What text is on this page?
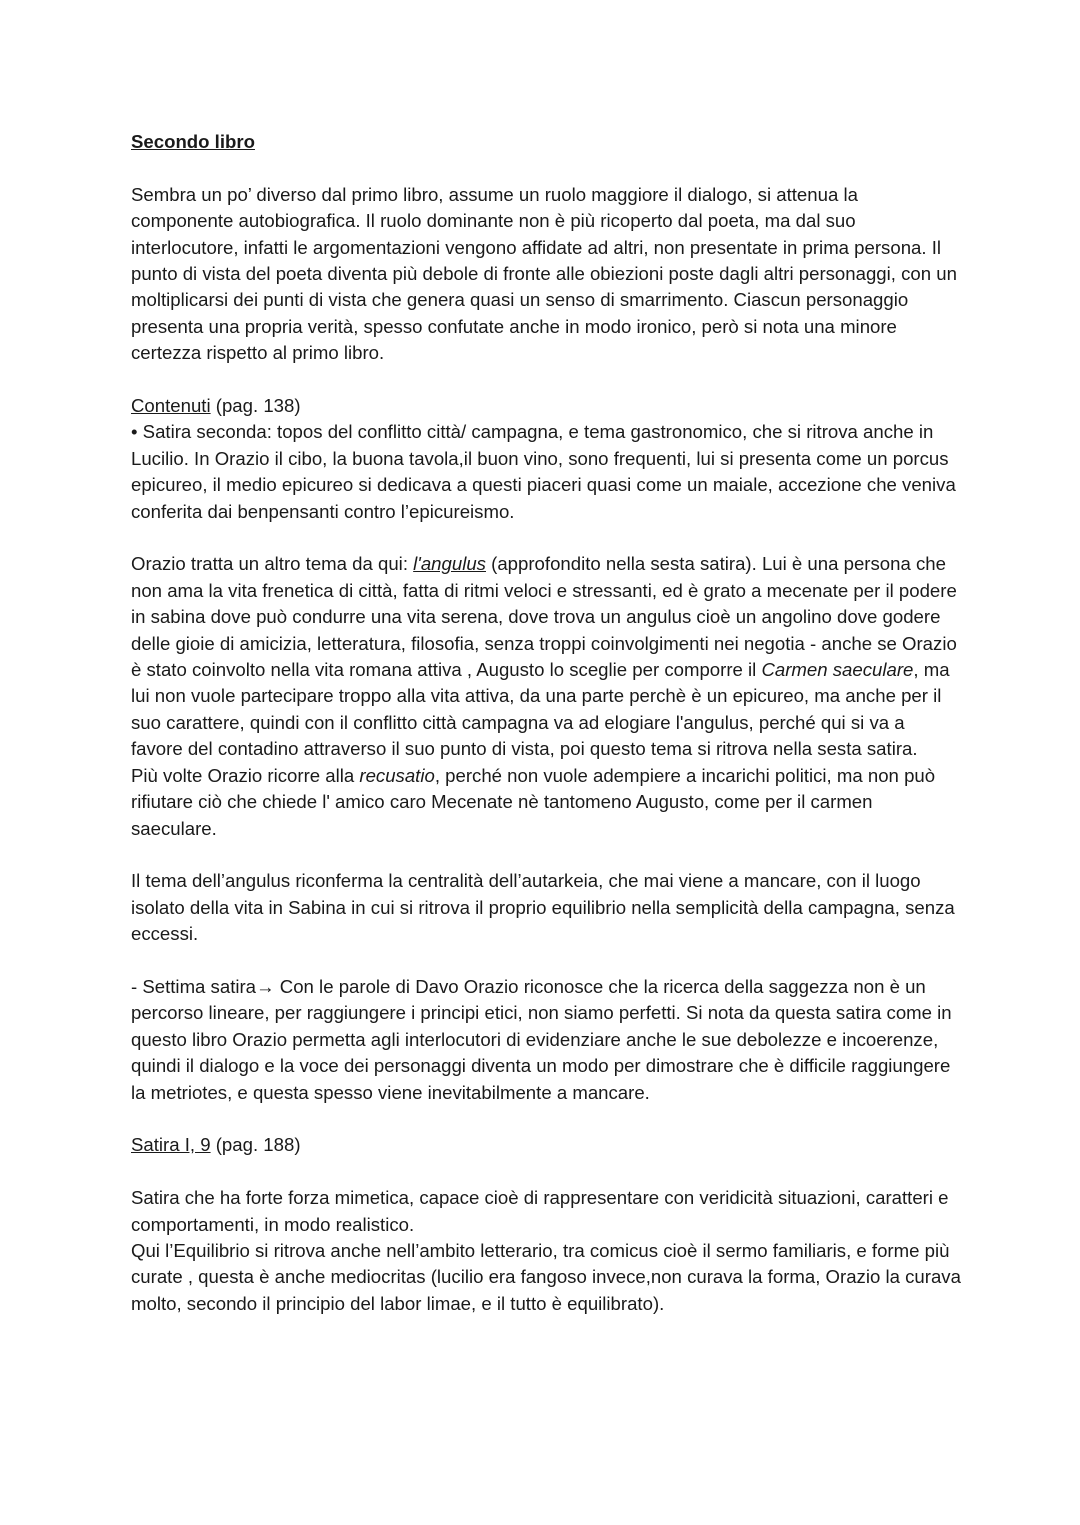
Secondo libro

Sembra un po’ diverso dal primo libro, assume un ruolo maggiore il dialogo, si attenua la componente autobiografica. Il ruolo dominante non è più ricoperto dal poeta, ma dal suo interlocutore, infatti le argomentazioni vengono affidate ad altri, non presentate in prima persona. Il punto di vista del poeta diventa più debole di fronte alle obiezioni poste dagli altri personaggi, con un moltiplicarsi dei punti di vista che genera quasi un senso di smarrimento. Ciascun personaggio presenta una propria verità, spesso confutate anche in modo ironico, però si nota una minore certezza rispetto al primo libro.

Contenuti (pag. 138)

• Satira seconda: topos del conflitto città/ campagna, e tema gastronomico, che si ritrova anche in Lucilio. In Orazio il cibo, la buona tavola,il buon vino, sono frequenti, lui si presenta come un porcus epicureo, il medio epicureo si dedicava a questi piaceri quasi come un maiale, accezione che veniva conferita dai benpensanti contro l’epicureismo.

Orazio tratta un altro tema da qui: l'angulus (approfondito nella sesta satira). Lui è una persona che non ama la vita frenetica di città, fatta di ritmi veloci e stressanti, ed è grato a mecenate per il podere in sabina dove può condurre una vita serena, dove trova un angulus cioè un angolino dove godere delle gioie di amicizia, letteratura, filosofia, senza troppi coinvolgimenti nei negotia - anche se Orazio è stato coinvolto nella vita romana attiva , Augusto lo sceglie per comporre il Carmen saeculare, ma lui non vuole partecipare troppo alla vita attiva, da una parte perchè è un epicureo, ma anche per il suo carattere, quindi con il conflitto città campagna va ad elogiare l'angulus, perché qui si va a favore del contadino attraverso il suo punto di vista, poi questo tema si ritrova nella sesta satira.

Più volte Orazio ricorre alla recusatio, perché non vuole adempiere a incarichi politici, ma non può rifiutare ciò che chiede l' amico caro Mecenate nè tantomeno Augusto, come per il carmen saeculare.

Il tema dell’angulus riconferma la centralità dell’autarkeia, che mai viene a mancare, con il luogo isolato della vita in Sabina in cui si ritrova il proprio equilibrio nella semplicità della campagna, senza eccessi.

- Settima satira→ Con le parole di Davo Orazio riconosce che la ricerca della saggezza non è un percorso lineare, per raggiungere i principi etici, non siamo perfetti. Si nota da questa satira come in questo libro Orazio permetta agli interlocutori di evidenziare anche le sue debolezze e incoerenze, quindi il dialogo e la voce dei personaggi diventa un modo per dimostrare che è difficile raggiungere la metriotes, e questa spesso viene inevitabilmente a mancare.

Satira I, 9 (pag. 188)

Satira che ha forte forza mimetica, capace cioè di rappresentare con veridicità situazioni, caratteri e comportamenti, in modo realistico.

Qui l’Equilibrio si ritrova anche nell’ambito letterario, tra comicus cioè il sermo familiaris, e forme più curate , questa è anche mediocritas (lucilio era fangoso invece,non curava la forma, Orazio la curava molto, secondo il principio del labor limae, e il tutto è equilibrato).
